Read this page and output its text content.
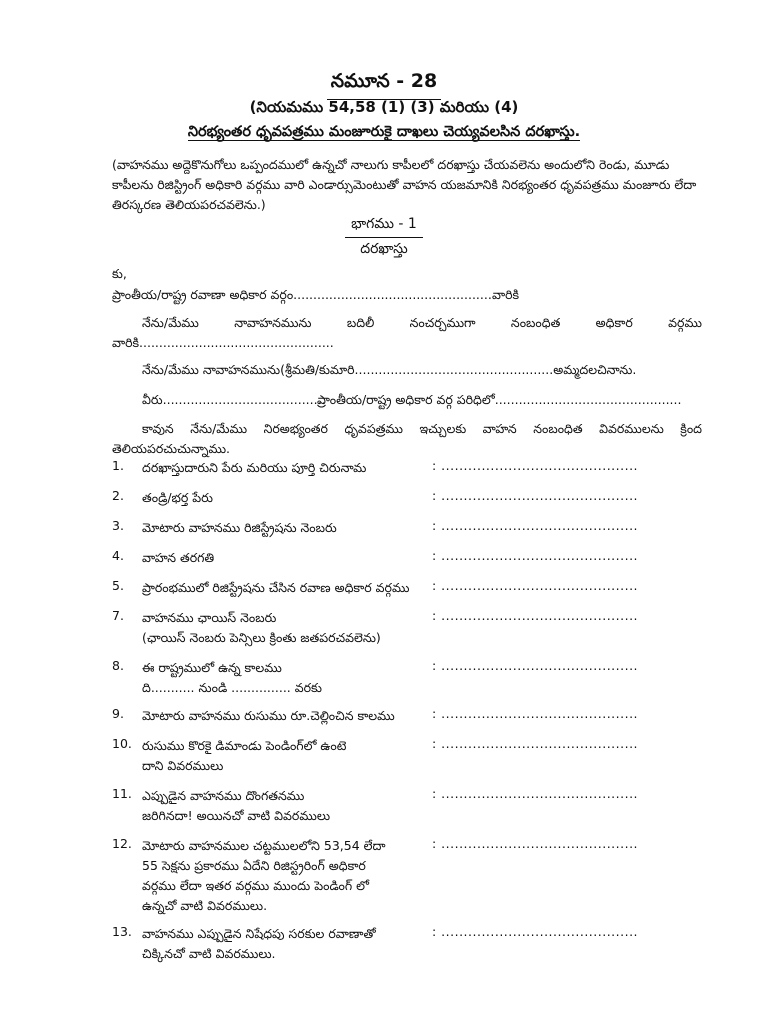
నమూన - 28
(నియమము 54,58 (1) (3) మరియు (4)
నిరభ్యంతర ధృవపత్రము మంజూరుకై దాఖలు చెయ్యవలసిన దరఖాస్తు.
(వాహనము అద్దెకొనుగోలు ఒప్పందములో ఉన్నచో నాలుగు కాపీలలో దరఖాస్తు చేయవలెను అందులోని రెండు, మూడు కాపీలను రిజిస్ట్రింగ్ అధికారి వర్గము వారి ఎండార్సుమెంటుతో వాహన యజమానికి నిరభ్యంతర ధృవపత్రము మంజూరు లేదా తిరస్కరణ తెలియపరచవలెను.)
భాగము - 1
దరఖాస్తు
కు,
ప్రాంతీయ/రాష్ట్ర రవాణా అధికార వర్గం.................................................. వారికి
నేను/మేము నావాహనమును బదిలీ నంచర్చముగా నంబంధిత అధికార వర్గము
వారికి.................................................
నేను/మేము నావాహనమును(శ్రీమతి/కుమారి..................................................అమ్మదలచినాను.
వీరు.........................................
ప్రాంతీయ/రాష్ట్ర అధికార వర్గ పరిధిలో...............................................
కావున నేను/మేము నిరఅభ్యంతర ధృవపత్రము ఇచ్చులకు వాహన నంబంధిత వివరములను క్రింద
తెలియపరచుచున్నాము.
1.	దరఖాస్తుదారుని పేరు మరియు పూర్తి చిరునామ	: ............................................
2.	తండ్రి/భర్త పేరు	: ............................................
3.	మోటారు వాహనము రిజిస్ట్రేషను నెంబరు	: ............................................
4.	వాహన తరగతి	: ............................................
5.	ప్రారంభములో రిజిస్ట్రేషను చేసిన రవాణ అధికార వర్గము	: ............................................
7.	వాహనము ఛాయిస్ నెంబరు
(ఛాయిస్ నెంబరు పెన్సిలు క్రింతు జతపరచవలెను)
: ............................................
8.	ఈ రాష్ట్రములో ఉన్న కాలము
ది........... నుండి ............... వరకు
: ............................................
9.	మోటారు వాహనము రుసుము రూ.చెల్లించిన కాలము	: ............................................
10. రుసుము కొరకై డిమాండు పెండింగ్‌లో ఉంటె
దాని వివరములు
: ............................................
11. ఎప్పుడైన వాహనము దొంగతనము
జరిగినదా! అయినచో వాటి వివరములు
: ............................................
12. మోటారు వాహనముల చట్టములలోని 53,54 లేదా
55 సెక్షను ప్రకారము ఏదేని రిజిస్ట్రరింగ్ అధికార
వర్గము లేదా ఇతర వర్గము ముందు పెండింగ్ లో
ఉన్నచో వాటి వివరములు.
: ............................................
13. వాహనము ఎప్పుడైన నిషేధపు సరకుల రవాణాతో
చిక్కినచో వాటి వివరములు.
: ............................................
